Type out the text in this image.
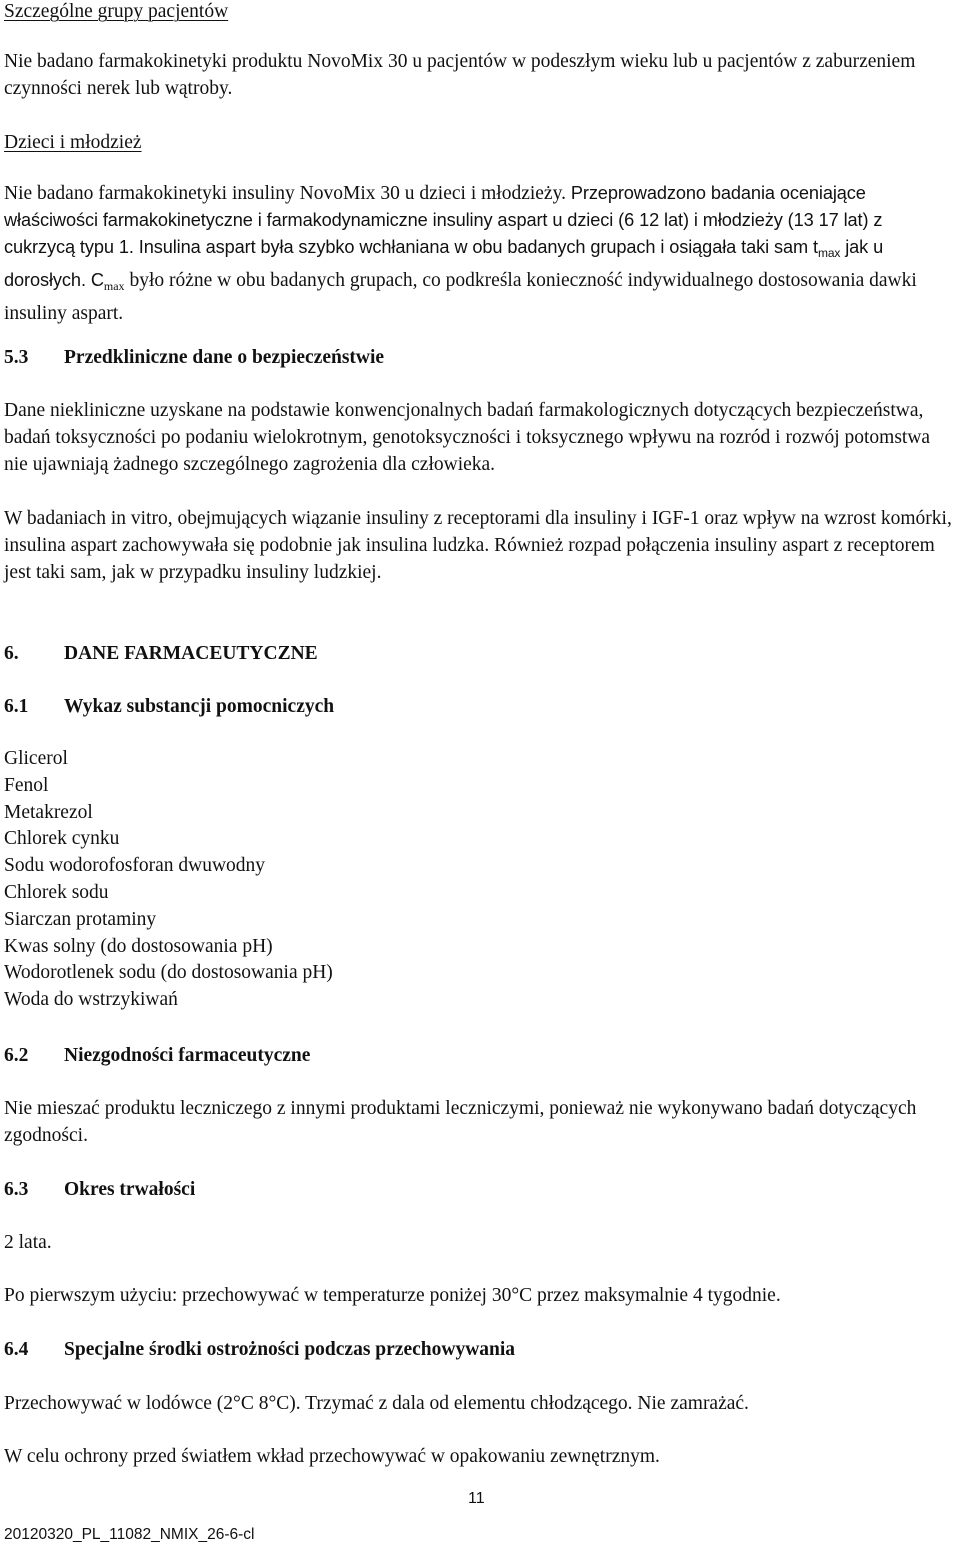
Szczególne grupy pacjentów
Nie badano farmakokinetyki produktu NovoMix 30 u pacjentów w podeszłym wieku lub u pacjentów z zaburzeniem czynności nerek lub wątroby.
Dzieci i młodzież
Nie badano farmakokinetyki insuliny NovoMix 30 u dzieci i młodzieży. Przeprowadzono badania oceniające właściwości farmakokinetyczne i farmakodynamiczne insuliny aspart u dzieci (6 12 lat) i młodzieży (13 17 lat) z cukrzycą typu 1. Insulina aspart była szybko wchłaniana w obu badanych grupach i osiągała taki sam $t_{max}$ jak u dorosłych. $C_{max}$ było różne w obu badanych grupach, co podkreśla konieczność indywidualnego dostosowania dawki insuliny aspart.
5.3 Przedkliniczne dane o bezpieczeństwie
Dane niekliniczne uzyskane na podstawie konwencjonalnych badań farmakologicznych dotyczących bezpieczeństwa, badań toksyczności po podaniu wielokrotnym, genotoksyczności i toksycznego wpływu na rozród i rozwój potomstwa nie ujawniają żadnego szczególnego zagrożenia dla człowieka.
W badaniach in vitro, obejmujących wiązanie insuliny z receptorami dla insuliny i IGF-1 oraz wpływ na wzrost komórki, insulina aspart zachowywała się podobnie jak insulina ludzka. Również rozpad połączenia insuliny aspart z receptorem jest taki sam, jak w przypadku insuliny ludzkiej.
6. DANE FARMACEUTYCZNE
6.1 Wykaz substancji pomocniczych
Glicerol
Fenol
Metakrezol
Chlorek cynku
Sodu wodorofosforan dwuwodny
Chlorek sodu
Siarczan protaminy
Kwas solny (do dostosowania pH)
Wodorotlenek sodu (do dostosowania pH)
Woda do wstrzykiwań
6.2 Niezgodności farmaceutyczne
Nie mieszać produktu leczniczego z innymi produktami leczniczymi, ponieważ nie wykonywano badań dotyczących zgodności.
6.3 Okres trwałości
2 lata.
Po pierwszym użyciu: przechowywać w temperaturze poniżej 30°C przez maksymalnie 4 tygodnie.
6.4 Specjalne środki ostrożności podczas przechowywania
Przechowywać w lodówce (2°C 8°C). Trzymać z dala od elementu chłodzącego. Nie zamrażać.
W celu ochrony przed światłem wkład przechowywać w opakowaniu zewnętrznym.
11
20120320_PL_11082_NMIX_26-6-cl
